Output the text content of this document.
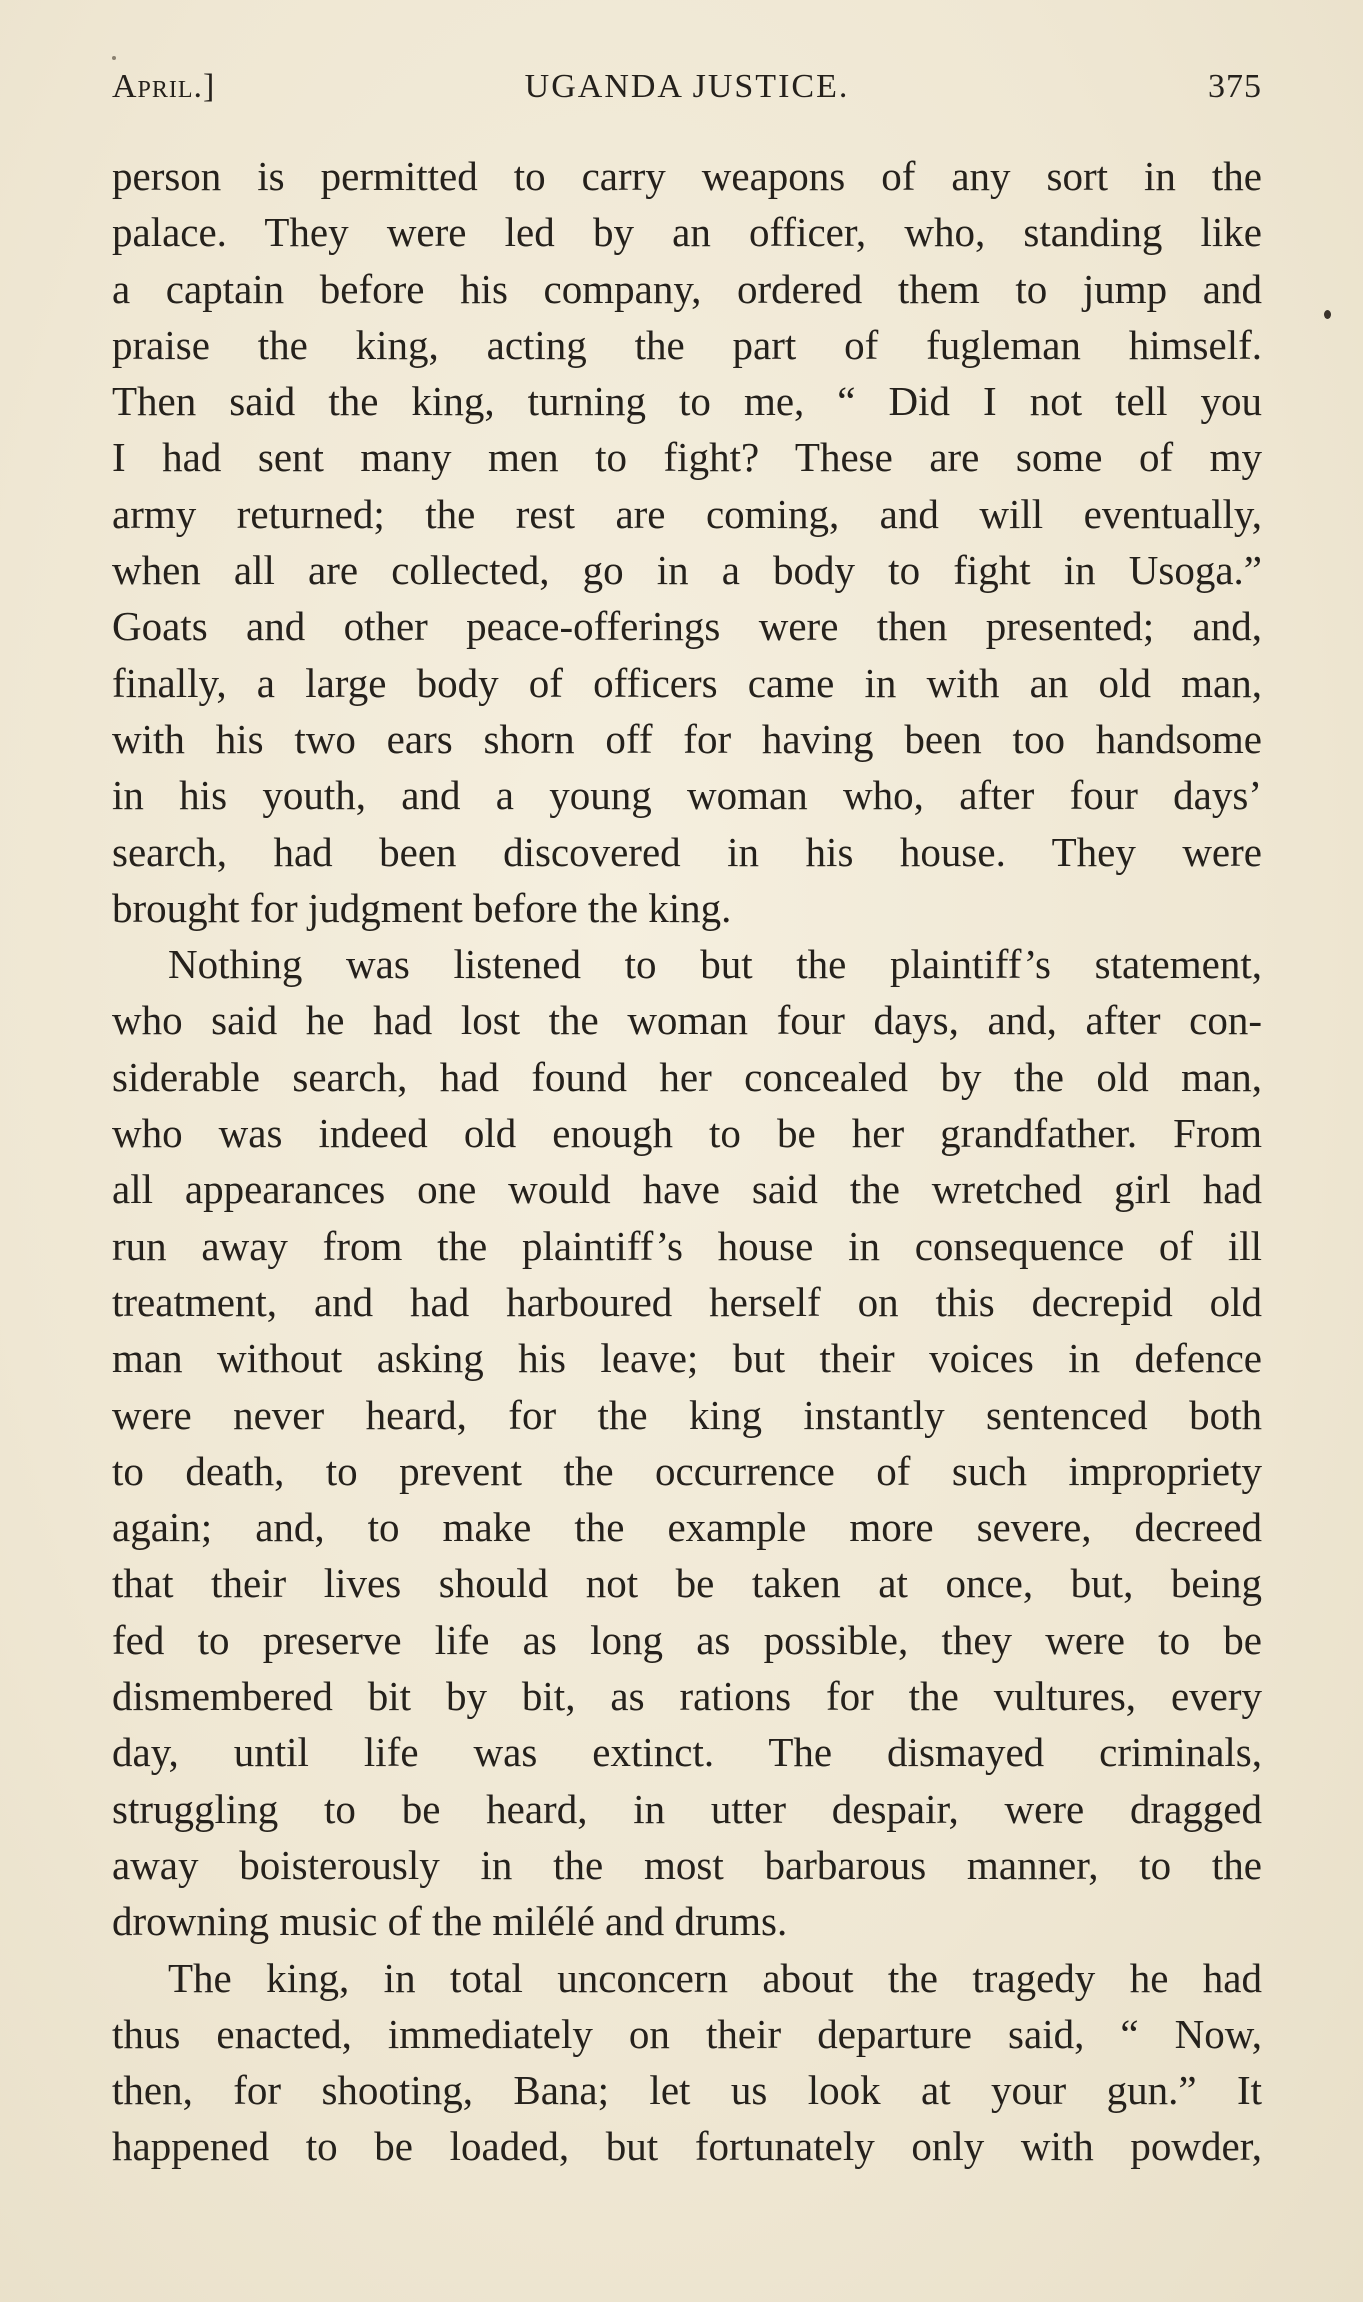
April.]	UGANDA JUSTICE.	375
person is permitted to carry weapons of any sort in the
palace. They were led by an officer, who, standing like
a captain before his company, ordered them to jump and
praise the king, acting the part of fugleman himself.
Then said the king, turning to me, “ Did I not tell you
I had sent many men to fight? These are some of my
army returned; the rest are coming, and will eventually,
when all are collected, go in a body to fight in Usoga.”
Goats and other peace-offerings were then presented; and,
finally, a large body of officers came in with an old man,
with his two ears shorn off for having been too handsome
in his youth, and a young woman who, after four days’
search, had been discovered in his house. They were
brought for judgment before the king.
Nothing was listened to but the plaintiff’s statement,
who said he had lost the woman four days, and, after con-
siderable search, had found her concealed by the old man,
who was indeed old enough to be her grandfather. From
all appearances one would have said the wretched girl had
run away from the plaintiff’s house in consequence of ill
treatment, and had harboured herself on this decrepid old
man without asking his leave; but their voices in defence
were never heard, for the king instantly sentenced both
to death, to prevent the occurrence of such impropriety
again; and, to make the example more severe, decreed
that their lives should not be taken at once, but, being
fed to preserve life as long as possible, they were to be
dismembered bit by bit, as rations for the vultures, every
day, until life was extinct. The dismayed criminals,
struggling to be heard, in utter despair, were dragged
away boisterously in the most barbarous manner, to the
drowning music of the milélé and drums.
The king, in total unconcern about the tragedy he had
thus enacted, immediately on their departure said, “ Now,
then, for shooting, Bana; let us look at your gun.” It
happened to be loaded, but fortunately only with powder,
